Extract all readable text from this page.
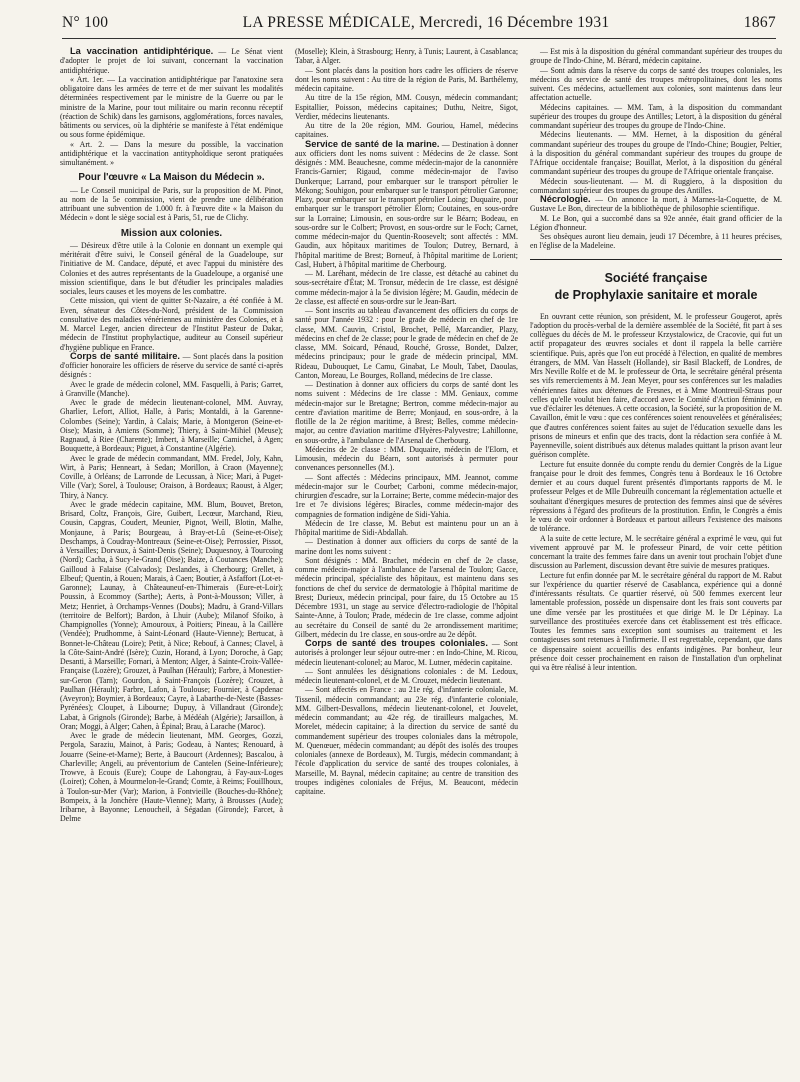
N° 100	LA PRESSE MÉDICALE, Mercredi, 16 Décembre 1931	1867

La vaccination antidiphtérique. — Le Sénat vient d'adopter le projet de loi suivant, concernant la vaccination antidiphtérique.

« Art. 1er. — La vaccination antidiphtérique par l'anatoxine sera obligatoire dans les armées de terre et de mer suivant les modalités déterminées respectivement par le ministre de la Guerre ou par le ministre de la Marine, pour tout militaire ou marin reconnu réceptif (réaction de Schik) dans les garnisons, agglomérations, forces navales, bâtiments ou services, où la diphtérie se manifeste à l'état endémique ou sous forme épidémique.

« Art. 2. — Dans la mesure du possible, la vaccination antidiphtérique et la vaccination antityphoïdique seront pratiquées simultanément. »

Pour l'œuvre « La Maison du Médecin ».

— Le Conseil municipal de Paris, sur la proposition de M. Pinot, au nom de la 5e commission, vient de prendre une délibération attribuant une subvention de 1.000 fr. à l'œuvre dite « la Maison du Médecin » dont le siège social est à Paris, 51, rue de Clichy.

Mission aux colonies.

— Désireux d'être utile à la Colonie en donnant un exemple qui méritérait d'être suivi, le Conseil général de la Guadeloupe, sur l'initiative de M. Candace, député, et avec l'appui du ministère des Colonies et des autres représentants de la Guadeloupe, a organisé une mission scientifique, dans le but d'étudier les principales maladies sociales, leurs causes et les moyens de les combattre.

Cette mission, qui vient de quitter St-Nazaire, a été confiée à M. Even, sénateur des Côtes-du-Nord, président de la Commission consultative des maladies vénériennes au ministère des Colonies, et à M. Marcel Leger, ancien directeur de l'Institut Pasteur de Dakar, médecin de l'Institut prophylactique, auditeur au Conseil supérieur d'hygiène publique en France.

Corps de santé militaire. — Sont placés dans la position d'officier honoraire les officiers de réserve du service de santé ci-après désignés :

Avec le grade de médecin colonel, MM. Fasquelli, à Paris; Garret, à Granville (Manche).

Avec le grade de médecin lieutenant-colonel, MM. Auvray, Gharlier, Lefort, Alliot, Halle, à Paris; Montaldi, à la Garenne-Colombes (Seine); Yardin, à Calais; Marie, à Montgeron (Seine-et-Oise); Masin, à Amiens (Somme); Thiery, à Saint-Mihiel (Meuse); Ragnaud, à Riee (Charente); Imbert, à Marseille; Camichel, à Agen; Bouquette, à Bordeaux; Piguet, à Constantine (Algérie).

Avec le grade de médecin commandant, MM. Fredel, Joly, Kahn, Wirt, à Paris; Henneart, à Sedan; Morillon, à Craon (Mayenne); Coville, à Orléans; de Larronde de Lecussan, à Nice; Mari, à Puget-Ville (Var); Sorel, à Toulouse; Oraison, à Bordeaux; Raoust, à Alger; Thiry, à Nancy.

Avec le grade médecin capitaine, MM. Blum, Bouvet, Breton, Brisard, Coltz, François, Gire, Guibert, Lecœur, Marchand, Rieu, Cousin, Capgras, Coudert, Meunier, Pignot, Weill, Blotin, Malhe, Monjaune, à Paris; Bourgeau, à Bray-et-Lû (Seine-et-Oise); Deschamps, à Coudray-Montreaux (Seine-et-Oise); Perrossier, Pissot, à Versailles; Dorvaux, à Saint-Denis (Seine); Duquesnoy, à Tourcoing (Nord); Cacha, à Sucy-le-Grand (Oise); Baize, à Coutances (Manche); Gailloud à Falaise (Calvados); Deslandes, à Cherbourg; Grellet, à Elbeuf; Quentin, à Rouen; Marais, à Caen; Boutier, à Asfaffort (Lot-et-Garonne); Launay, à Châteauneuf-en-Thimerais (Eure-et-Loir); Poussin, à Ecommoy (Sarthe); Aerts, à Pont-à-Mousson; Viller, à Metz; Henriet, à Orchamps-Vennes (Doubs); Madru, à Grand-Villars (territoire de Belfort); Bardon, à Lhuir (Aube); Milanof Sfoiko, à Champignolles (Yonne); Amouroux, à Poitiers; Pineau, à la Caillère (Vendée); Prudhomme, à Saint-Léonard (Haute-Vienne); Bertucat, à Bonnet-le-Château (Loire); Petit, à Nice; Rebouf, à Cannes; Clavel, à la Côte-Saint-André (Isère); Cuzin, Horand, à Lyon; Doroche, à Gap; Desanti, à Marseille; Fornari, à Menton; Alger, à Sainte-Croix-Vallée-Française (Lozère); Grouzet, à Paulhan (Hérault); Farbre, à Monestier-sur-Geron (Tarn); Gourdon, à Saint-François (Lozère); Crouzet, à Paulhan (Hérault); Farbre, Lafon, à Toulouse; Fournier, à Capdenac (Aveyron); Boymier, à Bordeaux; Cayre, à Labarthe-de-Neste (Basses-Pyrénées); Cloupet, à Libourne; Dupuy, à Villandraut (Gironde); Labat, à Grignols (Gironde); Barbe, à Médéah (Algérie); Jarsaillon, à Oran; Moggi, à Alger; Cahen, à Épinal; Brau, à Larache (Maroc).

Avec le grade de médecin lieutenant, MM. Georges, Gozzi, Pergola, Saraziu, Mainot, à Paris; Godeau, à Nantes; Renouard, à Jouarre (Seine-et-Marne); Berte, à Baucourt (Ardennes); Bascalou, à Charleville; Angeli, au préventorium de Cantelen (Seine-Inférieure); Trowve, à Ecouis (Eure); Coupe de Lahongrau, à Fay-aux-Loges (Loiret); Cohen, à Mourmelon-le-Grand; Comte, à Reims; Fouillhoux, à Toulon-sur-Mer (Var); Marion, à Fontvieille (Bouches-du-Rhône); Bompeix, à la Jonchère (Haute-Vienne); Marty, à Brousses (Aude); Iribarne, à Bayonne; Lenoucheil, à Ségadan (Gironde); Farcet, à Delme

(Moselle); Klein, à Strasbourg; Henry, à Tunis; Laurent, à Casablanca; Tabar, à Alger.

— Sont placés dans la position hors cadre les officiers de réserve dont les noms suivent : Au titre de la région de Paris, M. Barthélemy, médecin capitaine.

Au titre de la 15e région, MM. Cousyn, médecin commandant; Espitallier, Poisson, médecins capitaines; Duthu, Neitre, Sigot, Verdier, médecins lieutenants.

Au titre de la 20e région, MM. Gouriou, Hamel, médecins capitaines.

Service de santé de la marine. — Destination à donner aux officiers dont les noms suivent : Médecins de 2e classe. Sont désignés : MM. Beauchesne, comme médecin-major de la canonnière Francis-Garnier; Rigaud, comme médecin-major de l'aviso Dunkerque; Larrand, pour embarquer sur le transport pétrolier le Mékong; Souhigon, pour embarquer sur le transport pétrolier Garonne; Plazy, pour embarquer sur le transport pétrolier Loing; Duquaire, pour embarquer sur le transport pétrolier Élorn; Coutaines, en sous-ordre sur la Lorraine; Limousin, en sous-ordre sur le Béarn; Bodeau, en sous-ordre sur le Colbert; Provost, en sous-ordre sur le Foch; Carnet, comme médecin-major du Quentin-Roosevelt; sont affectés : MM. Gaudin, aux hôpitaux maritimes de Toulon; Dutrey, Bernard, à l'hôpital maritime de Brest; Borneuf, à l'hôpital maritime de Lorient; Casl, Hubert, à l'hôpital maritime de Cherbourg.

— M. Laréhant, médecin de 1re classe, est détaché au cabinet du sous-secrétaire d'État; M. Tronsur, médecin de 1re classe, est désigné comme médecin-major à la 5e division légère; M. Gaudin, médecin de 2e classe, est affecté en sous-ordre sur le Jean-Bart.

— Sont inscrits au tableau d'avancement des officiers du corps de santé pour l'année 1932 : pour le grade de médecin en chef de 1re classe, MM. Cauvin, Cristol, Brochet, Pellé, Marcandier, Plazy, médecins en chef de 2e classe; pour le grade de médecin en chef de 2e classe, MM. Soicard, Pénaud, Rouché, Grosse, Bondet, Dalzer, médecins principaux; pour le grade de médecin principal, MM. Rideau, Dubouquet, Le Camu, Ginabat, Le Moult, Tabet, Daoulas, Canton, Moreau, Le Bourges, Rolland, médecins de 1re classe.

— Destination à donner aux officiers du corps de santé dont les noms suivent : Médecins de 1re classe : MM. Geniaux, comme médecin-major sur le Bretagne; Bertron, comme médecin-major au centre d'aviation maritime de Berre; Monjaud, en sous-ordre, à la flotille de la 2e région maritime, à Brest; Belles, comme médecin-major, au centre d'aviation maritime d'Hyères-Palyvestre; Lahillonne, en sous-ordre, à l'ambulance de l'Arsenal de Cherbourg.

Médecins de 2e classe : MM. Duquaire, médecin de l'Elorn, et Limousin, médecin du Béarn, sont autorisés à permuter pour convenances personnelles (M.).

— Sont affectés : Médecins principaux, MM. Jeannot, comme médecin-major sur le Courbet; Carboni, comme médecin-major, chirurgien d'escadre, sur la Lorraine; Berte, comme médecin-major des 1re et 7e divisions légères; Biracles, comme médecin-major des compagnies de formation indigène de Sidi-Yahia.

Médecin de 1re classe, M. Bebut est maintenu pour un an à l'hôpital maritime de Sidi-Abdallah.

— Destination à donner aux officiers du corps de santé de la marine dont les noms suivent :

Sont désignés : MM. Brachet, médecin en chef de 2e classe, comme médecin-major à l'ambulance de l'arsenal de Toulon; Gacce, médecin principal, spécialiste des hôpitaux, est maintenu dans ses fonctions de chef du service de dermatologie à l'hôpital maritime de Brest; Durieux, médecin principal, pour faire, du 15 Octobre au 15 Décembre 1931, un stage au service d'électro-radiologie de l'hôpital Sainte-Anne, à Toulon; Prade, médecin de 1re classe, comme adjoint au secrétaire du Conseil de santé du 2e arrondissement maritime; Gilbert, médecin du 1re classe, en sous-ordre au 2e dépôt.

Corps de santé des troupes coloniales. — Sont autorisés à prolonger leur séjour outre-mer : en Indo-Chine, M. Ricou, médecin lieutenant-colonel; au Maroc, M. Lutner, médecin capitaine.

— Sont annulées les désignations coloniales : de M. Ledoux, médecin lieutenant-colonel, et de M. Crouzet, médecin lieutenant.

— Sont affectés en France : au 21e rég. d'infanterie coloniale, M. Tissenil, médecin commandant; au 23e rég. d'infanterie coloniale, MM. Gilbert-Desvallons, médecin lieutenant-colonel, et Jouvelet, médecin commandant; au 42e rég. de tirailleurs malgaches, M. Morelet, médecin capitaine; à la direction du service de santé du commandement supérieur des troupes coloniales dans la métropole, M. Quenœuer, médecin commandant; au dépôt des isolés des troupes coloniales (annexe de Bordeaux), M. Turgis, médecin commandant; à l'école d'application du service de santé des troupes coloniales, à Marseille, M. Baynal, médecin capitaine; au centre de transition des troupes indigènes coloniales de Fréjus, M. Beaucont, médecin capitaine.

— Est mis à la disposition du général commandant supérieur des troupes du groupe de l'Indo-Chine, M. Bérard, médecin capitaine.

— Sont admis dans la réserve du corps de santé des troupes coloniales, les médecins du service de santé des troupes métropolitaines, dont les noms suivent. Ces médecins, actuellement aux colonies, sont maintenus dans leur affectation actuelle.

Médecins capitaines. — MM. Tam, à la disposition du commandant supérieur des troupes du groupe des Antilles; Letort, à la disposition du général commandant supérieur des troupes du groupe de l'Indo-Chine.

Médecins lieutenants. — MM. Hernet, à la disposition du général commandant supérieur des troupes du groupe de l'Indo-Chine; Bougier, Peltier, à la disposition du général commandant supérieur des troupes du groupe de l'Afrique occidentale française; Bouillat, Merlot, à la disposition du général commandant supérieur des troupes du groupe de l'Afrique orientale française.

Médecin sous-lieutenant. — M. di Ruggiero, à la disposition du commandant supérieur des troupes du groupe des Antilles.

Nécrologie. — On annonce la mort, à Marnes-la-Coquette, de M. Gustave Le Bon, directeur de la bibliothèque de philosophie scientifique.

M. Le Bon, qui a succombé dans sa 92e année, était grand officier de la Légion d'honneur.

Ses obsèques auront lieu demain, jeudi 17 Décembre, à 11 heures précises, en l'église de la Madeleine.

Société française
de Prophylaxie sanitaire et morale

En ouvrant cette réunion, son président, M. le professeur Gougerot, après l'adoption du procès-verbal de la dernière assemblée de la Société, fit part à ses collègues du décès de M. le professeur Krzystalowicz, de Cracovie, qui fut un actif propagateur des œuvres sociales et dont il rappela la belle carrière scientifique. Puis, après que l'on eut procédé à l'élection, en qualité de membres étrangers, de MM. Van Hasselt (Hollande), sir Basil Blackeff, de Londres, de Mrs Neville Rolfe et de M. le professeur de Orta, le secrétaire général présenta ses vifs remerciements à M. Jean Meyer, pour ses conférences sur les maladies vénériennes faites aux détenues de Fresnes, et à Mme Montreuil-Straus pour celles qu'elle voulut bien faire, d'accord avec le Comité d'Action féminine, en vue d'éclairer les détenues. A cette occasion, la Société, sur la proposition de M. Cavaillon, émit le vœu : que ces conférences soient renouvelées et généralisées; que d'autres conférences soient faites au sujet de l'éducation sexuelle dans les prisons de mineurs et enfin que des tracts, dont la rédaction sera confiée à M. Payenneville, soient distribués aux détenus malades quittant la prison avant leur guérison complète.

Lecture fut ensuite donnée du compte rendu du dernier Congrès de la Ligue française pour le droit des femmes, Congrès tenu à Bordeaux le 16 Octobre dernier et au cours duquel furent présentés d'importants rapports de M. le professeur Pelges et de Mlle Dubreuilh concernant la réglementation actuelle et souhaitant d'énergiques mesures de protection des femmes ainsi que de sévères répressions à l'égard des profiteurs de la prostitution. Enfin, le Congrès a émis le vœu de voir ordonner à Bordeaux et partout ailleurs l'existence des maisons de tolérance.

A la suite de cette lecture, M. le secrétaire général a exprimé le vœu, qui fut vivement approuvé par M. le professeur Pinard, de voir cette pétition concernant la traite des femmes faire dans un avenir tout prochain l'objet d'une discussion au Parlement, discussion devant être suivie de mesures pratiques.

Lecture fut enfin donnée par M. le secrétaire général du rapport de M. Rabut sur l'expérience du quartier réservé de Casablanca, expérience qui a donné d'intéressants résultats. Ce quartier réservé, où 500 femmes exercent leur lamentable profession, possède un dispensaire dont les frais sont couverts par une dîme versée par les prostituées et que dirige M. le Dr Lépinay. La surveillance des prostituées exercée dans cet établissement est très efficace. Toutes les femmes sans exception sont soumises au traitement et les contagieuses sont retenues à l'infirmerie. Il est regrettable, cependant, que dans ce dispensaire soient accueillis des enfants indigènes. Par bonheur, leur présence doit cesser prochainement en raison de l'installation d'un orphelinat qui va être réalisé à leur intention.
